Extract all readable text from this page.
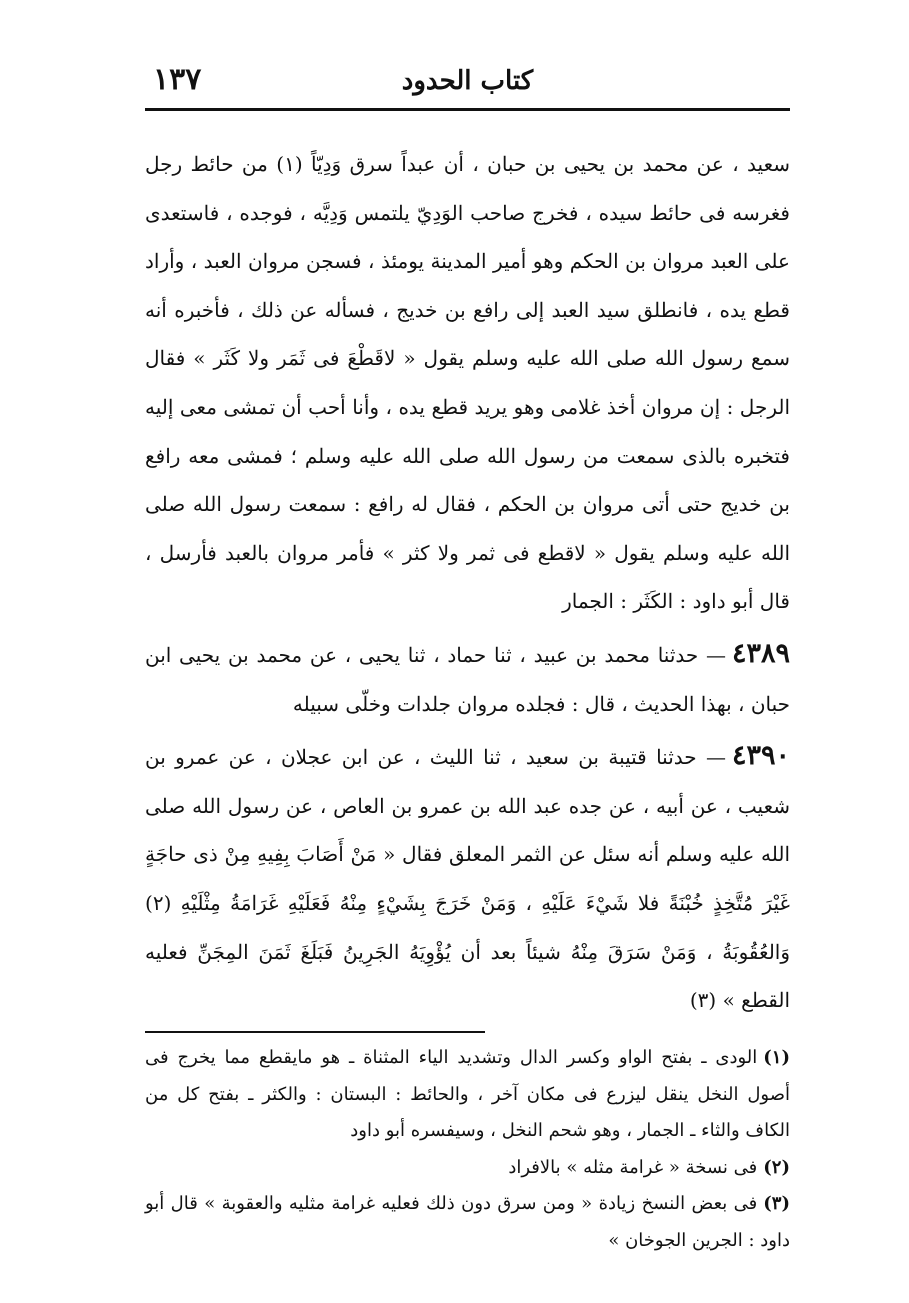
كتاب الحدود
١٣٧

سعيد ، عن محمد بن يحيى بن حبان ، أن عبداً سرق وَدِيّاً (١) من حائط رجل فغرسه فى حائط سيده ، فخرج صاحب الوَدِيّ يلتمس وَدِيَّه ، فوجده ، فاستعدى على العبد مروان بن الحكم وهو أمير المدينة يومئذ ، فسجن مروان العبد ، وأراد قطع يده ، فانطلق سيد العبد إلى رافع بن خديج ، فسأله عن ذلك ، فأخبره أنه سمع رسول الله صلى الله عليه وسلم يقول « لاقَطْعَ فى ثَمَر ولا كَثَر » فقال الرجل : إن مروان أخذ غلامى وهو يريد قطع يده ، وأنا أحب أن تمشى معى إليه فتخبره بالذى سمعت من رسول الله صلى الله عليه وسلم ؛ فمشى معه رافع بن خديج حتى أتى مروان بن الحكم ، فقال له رافع : سمعت رسول الله صلى الله عليه وسلم يقول « لاقطع فى ثمر ولا كثر » فأمر مروان بالعبد فأرسل ، قال أبو داود : الكَثَر : الجمار

٤٣٨٩— حدثنا محمد بن عبيد ، ثنا حماد ، ثنا يحيى ، عن محمد بن يحيى ابن حبان ، بهذا الحديث ، قال : فجلده مروان جلدات وخلّى سبيله

٤٣٩٠— حدثنا قتيبة بن سعيد ، ثنا الليث ، عن ابن عجلان ، عن عمرو بن شعيب ، عن أبيه ، عن جده عبد الله بن عمرو بن العاص ، عن رسول الله صلى الله عليه وسلم أنه سئل عن الثمر المعلق فقال « مَنْ أَصَابَ بِفِيهِ مِنْ ذى حاجَةٍ غَيْرَ مُتَّخِذٍ خُبْنَةً فلا شَيْءَ عَلَيْهِ ، وَمَنْ خَرَجَ بِشَيْءٍ مِنْهُ فَعَلَيْهِ غَرَامَةُ مِثْلَيْهِ (٢) وَالعُقُوبَةُ ، وَمَنْ سَرَقَ مِنْهُ شيئاً بعد أن يُؤْوِيَهُ الجَرِينُ فَبَلَغَ ثَمَنَ المِجَنِّ فعليه القطع » (٣)

(١)الودى ـ بفتح الواو وكسر الدال وتشديد الياء المثناة ـ هو مايقطع مما يخرج فى أصول النخل ينقل ليزرع فى مكان آخر ، والحائط : البستان : والكثر ـ بفتح كل من الكاف والثاء ـ الجمار ، وهو شحم النخل ، وسيفسره أبو داود

(٢)فى نسخة « غرامة مثله » بالافراد

(٣)فى بعض النسخ زيادة « ومن سرق دون ذلك فعليه غرامة مثليه والعقوبة » قال أبو داود : الجرين الجوخان »
